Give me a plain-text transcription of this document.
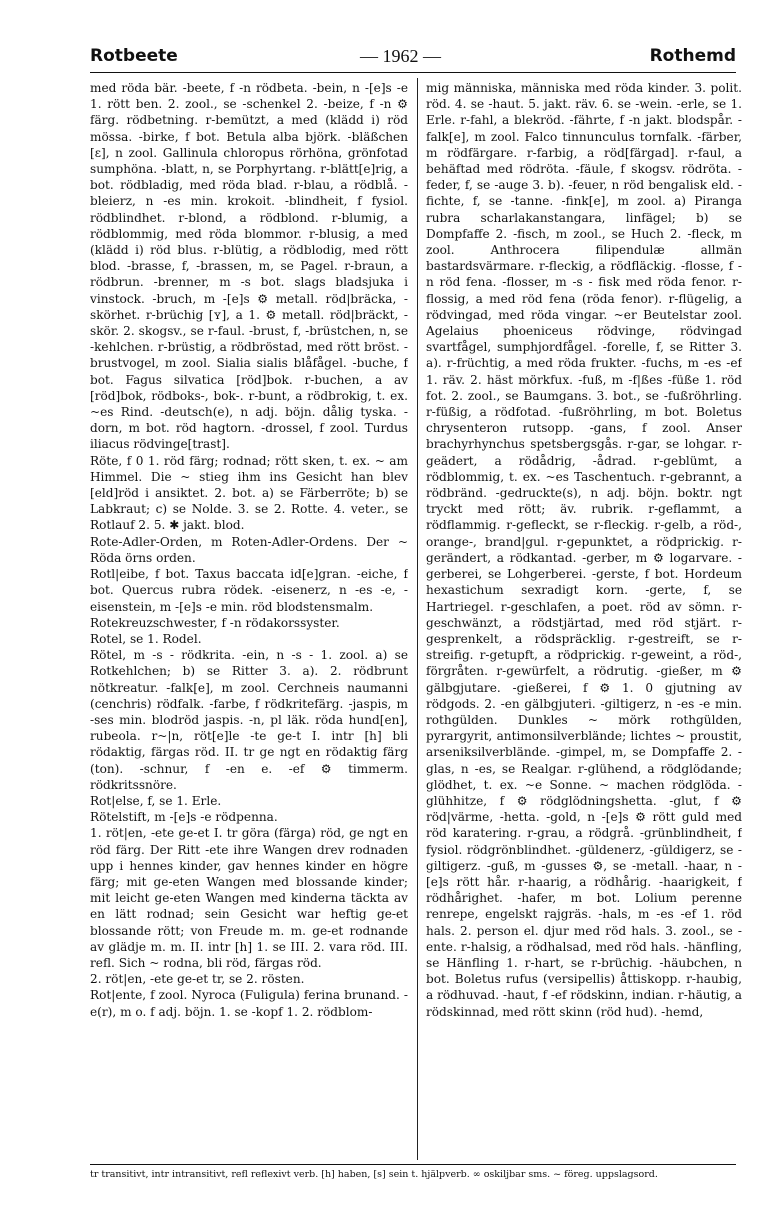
Rotbeete	— 1962 —	Rothemd

med röda bär. -beete, f -n rödbeta. -bein, n -[e]s -e 1. rött ben. 2. zool., se -schenkel 2. -beize, f -n ⚙ färg. rödbetning. r-bemützt, a med (klädd i) röd mössa. -birke, f bot. Betula alba björk. -bläßchen [ɛ], n zool. Gallinula chloropus rörhöna, grönfotad sumphöna. -blatt, n, se Porphyrtang. r-blätt[e]rig, a bot. rödbladig, med röda blad. r-blau, a rödblå. -bleierz, n -es min. krokoit. -blindheit, f fysiol. rödblindhet. r-blond, a rödblond. r-blumig, a rödblommig, med röda blommor. r-blusig, a med (klädd i) röd blus. r-blütig, a rödblodig, med rött blod. -brasse, f, -brassen, m, se Pagel. r-braun, a rödbrun. -brenner, m -s bot. slags bladsjuka i vinstock. -bruch, m -[e]s ⚙ metall. röd|bräcka, -skörhet. r-brüchig [ʏ], a 1. ⚙ metall. röd|bräckt, -skör. 2. skogsv., se r-faul. -brust, f, -brüstchen, n, se -kehlchen. r-brüstig, a rödbröstad, med rött bröst. -brustvogel, m zool. Sialia sialis blåfågel. -buche, f bot. Fagus silvatica [röd]bok. r-buchen, a av [röd]bok, rödboks-, bok-. r-bunt, a rödbrokig, t. ex. ~es Rind. -deutsch(e), n adj. böjn. dålig tyska. -dorn, m bot. röd hagtorn. -drossel, f zool. Turdus iliacus rödvinge[trast].

Röte, f 0 1. röd färg; rodnad; rött sken, t. ex. ~ am Himmel. Die ~ stieg ihm ins Gesicht han blev [eld]röd i ansiktet. 2. bot. a) se Färberröte; b) se Labkraut; c) se Nolde. 3. se 2. Rotte. 4. veter., se Rotlauf 2. 5. ✱ jakt. blod.

Rote-Adler-Orden, m Roten-Adler-Ordens. Der ~ Röda örns orden.

Rotl|eibe, f bot. Taxus baccata id[e]gran. -eiche, f bot. Quercus rubra rödek. -eisenerz, n -es -e, -eisenstein, m -[e]s -e min. röd blodstensmalm.

Rotekreuzschwester, f -n rödakorssyster.

Rotel, se 1. Rodel.

Rötel, m -s - rödkrita. -ein, n -s - 1. zool. a) se Rotkehlchen; b) se Ritter 3. a). 2. rödbrunt nötkreatur. -falk[e], m zool. Cerchneis naumanni (cenchris) rödfalk. -farbe, f rödkritefärg. -jaspis, m -ses min. blodröd jaspis. -n, pl läk. röda hund[en], rubeola. r~|n, röt[e]le -te ge-t I. intr [h] bli rödaktig, färgas röd. II. tr ge ngt en rödaktig färg (ton). -schnur, f -en e. -ef ⚙ timmerm. rödkritssnöre.

Rot|else, f, se 1. Erle.

Rötelstift, m -[e]s -e rödpenna.

1. röt|en, -ete ge-et I. tr göra (färga) röd, ge ngt en röd färg. Der Ritt -ete ihre Wangen drev rodnaden upp i hennes kinder, gav hennes kinder en högre färg; mit ge-eten Wangen med blossande kinder; mit leicht ge-eten Wangen med kinderna täckta av en lätt rodnad; sein Gesicht war heftig ge-et blossande rött; von Freude m. m. ge-et rodnande av glädje m. m. II. intr [h] 1. se III. 2. vara röd. III. refl. Sich ~ rodna, bli röd, färgas röd.

2. röt|en, -ete ge-et tr, se 2. rösten.

Rot|ente, f zool. Nyroca (Fuligula) ferina brunand. -e(r), m o. f adj. böjn. 1. se -kopf 1. 2. rödblom-

mig människa, människa med röda kinder. 3. polit. röd. 4. se -haut. 5. jakt. räv. 6. se -wein. -erle, se 1. Erle. r-fahl, a blekröd. -fährte, f -n jakt. blodspår. -falk[e], m zool. Falco tinnunculus tornfalk. -färber, m rödfärgare. r-farbig, a röd[färgad]. r-faul, a behäftad med rödröta. -fäule, f skogsv. rödröta. -feder, f, se -auge 3. b). -feuer, n röd bengalisk eld. -fichte, f, se -tanne. -fink[e], m zool. a) Piranga rubra scharlakanstangara, linfägel; b) se Dompfaffe 2. -fisch, m zool., se Huch 2. -fleck, m zool. Anthrocera filipendulæ allmän bastardsvärmare. r-fleckig, a rödfläckig. -flosse, f -n röd fena. -flosser, m -s - fisk med röda fenor. r-flossig, a med röd fena (röda fenor). r-flügelig, a rödvingad, med röda vingar. ~er Beutelstar zool. Agelaius phoeniceus rödvinge, rödvingad svartfågel, sumphjordfågel. -forelle, f, se Ritter 3. a). r-früchtig, a med röda frukter. -fuchs, m -es -ef 1. räv. 2. häst mörkfux. -fuß, m -f|ßes -füße 1. röd fot. 2. zool., se Baumgans. 3. bot., se -fußröhrling. r-füßig, a rödfotad. -fußröhrling, m bot. Boletus chrysenteron rutsopp. -gans, f zool. Anser brachyrhynchus spetsbergsgås. r-gar, se lohgar. r-geädert, a rödådrig, -ådrad. r-geblümt, a rödblommig, t. ex. ~es Taschentuch. r-gebrannt, a rödbränd. -gedruckte(s), n adj. böjn. boktr. ngt tryckt med rött; äv. rubrik. r-geflammt, a rödflammig. r-gefleckt, se r-fleckig. r-gelb, a röd-, orange-, brand|gul. r-gepunktet, a rödprickig. r-gerändert, a rödkantad. -gerber, m ⚙ logarvare. -gerberei, se Lohgerberei. -gerste, f bot. Hordeum hexastichum sexradigt korn. -gerte, f, se Hartriegel. r-geschlafen, a poet. röd av sömn. r-geschwänzt, a rödstjärtad, med röd stjärt. r-gesprenkelt, a rödspräcklig. r-gestreift, se r-streifig. r-getupft, a rödprickig. r-geweint, a röd-, förgråten. r-gewürfelt, a rödrutig. -gießer, m ⚙ gälbgjutare. -gießerei, f ⚙ 1. 0 gjutning av rödgods. 2. -en gälbgjuteri. -giltigerz, n -es -e min. rothgülden. Dunkles ~ mörk rothgülden, pyrargyrit, antimonsilverblände; lichtes ~ proustit, arseniksilverblände. -gimpel, m, se Dompfaffe 2. -glas, n -es, se Realgar. r-glühend, a rödglödande; glödhet, t. ex. ~e Sonne. ~ machen rödglöda. -glühhitze, f ⚙ rödglödningshetta. -glut, f ⚙ röd|värme, -hetta. -gold, n -[e]s ⚙ rött guld med röd karatering. r-grau, a rödgrå. -grünblindheit, f fysiol. rödgrönblindhet. -güldenerz, -güldigerz, se -giltigerz. -guß, m -gusses ⚙, se -metall. -haar, n -[e]s rött hår. r-haarig, a rödhårig. -haarigkeit, f rödhårighet. -hafer, m bot. Lolium perenne renrepe, engelskt rajgräs. -hals, m -es -ef 1. röd hals. 2. person el. djur med röd hals. 3. zool., se -ente. r-halsig, a rödhalsad, med röd hals. -hänfling, se Hänfling 1. r-hart, se r-brüchig. -häubchen, n bot. Boletus rufus (versipellis) åttiskopp. r-haubig, a rödhuvad. -haut, f -ef rödskinn, indian. r-häutig, a rödskinnad, med rött skinn (röd hud). -hemd,

tr transitivt, intr intransitivt, refl reflexivt verb. [h] haben, [s] sein t. hjälpverb. ∞ oskiljbar sms. ~ föreg. uppslagsord.
